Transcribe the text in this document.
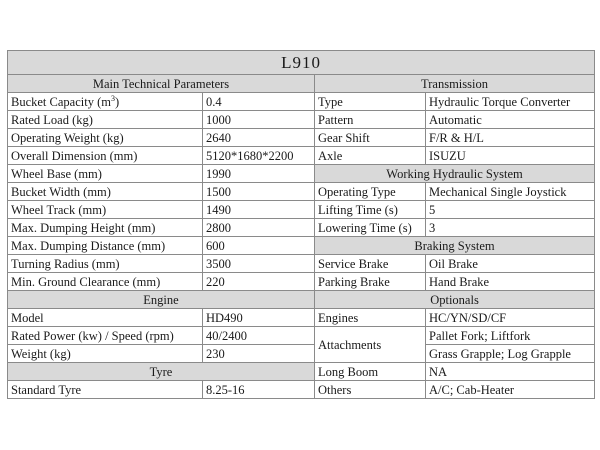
L910			
Main Technical Parameters		Transmission	
Bucket Capacity $(m^3)$	0.4	Type	Hydraulic Torque Converter
Rated Load (kg)	1000	Pattern	Automatic
Operating Weight (kg)	2640	Gear Shift	F/R & H/L
Overall Dimension (mm)	5120*1680*2200	Axle	ISUZU
Wheel Base (mm)	1990	Working Hydraulic System	
Bucket Width (mm)	1500	Operating Type	Mechanical Single Joystick
Wheel Track (mm)	1490	Lifting Time (s)	5
Max. Dumping Height (mm)	2800	Lowering Time (s)	3
Max. Dumping Distance (mm)	600	Braking System	
Turning Radius (mm)	3500	Service Brake	Oil Brake
Min. Ground Clearance (mm)	220	Parking Brake	Hand Brake
Engine		Optionals	
Model	HD490	Engines	HC/YN/SD/CF
Rated Power (kw) / Speed (rpm)	40/2400	Attachments	Pallet Fork; Liftfork
Weight (kg)	230		Grass Grapple; Log Grapple
Tyre		Long Boom	NA
Standard Tyre	8.25-16	Others	A/C; Cab-Heater
